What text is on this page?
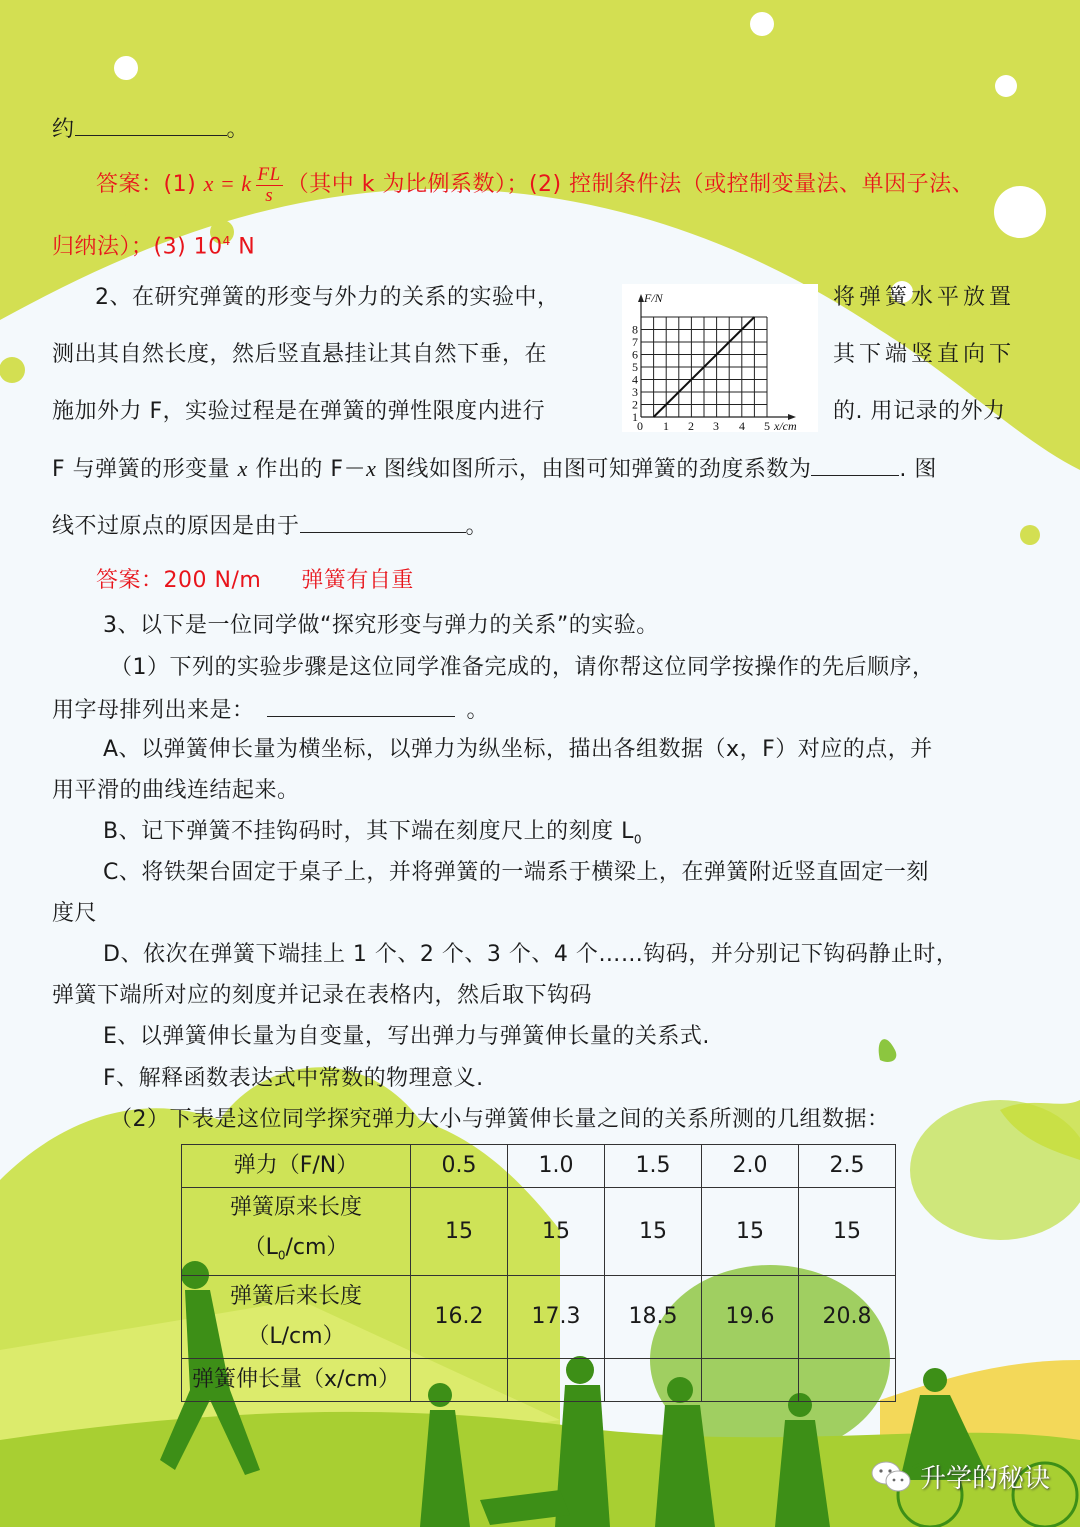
约	。
答案：(1) x = k $\frac{FL}{s}$ （其中 k 为比例系数）；(2) 控制条件法（或控制变量法、单因子法、
归纳法）；(3) $10^4$ N
2、在研究弹簧的形变与外力的关系的实验中，	将弹簧水平放置
测出其自然长度，然后竖直悬挂让其自然下垂，在	其下端竖直向下
施加外力 F，实验过程是在弹簧的弹性限度内进行	的. 用记录的外力
F/N
1
2
3
4
5
6
7
8
0 1 2 3 4 5 x/cm
F 与弹簧的形变量 x 作出的 F－x 图线如图所示，由图可知弹簧的劲度系数为	. 图
线不过原点的原因是由于	。
答案：200 N/m 弹簧有自重
3、以下是一位同学做“探究形变与弹力的关系”的实验。
（1）下列的实验步骤是这位同学准备完成的，请你帮这位同学按操作的先后顺序，
用字母排列出来是：	。
A、以弹簧伸长量为横坐标，以弹力为纵坐标，描出各组数据（x，F）对应的点，并
用平滑的曲线连结起来。
B、记下弹簧不挂钩码时，其下端在刻度尺上的刻度 $L_0$
C、将铁架台固定于桌子上，并将弹簧的一端系于横梁上，在弹簧附近竖直固定一刻
度尺
D、依次在弹簧下端挂上 1 个、2 个、3 个、4 个……钩码，并分别记下钩码静止时，
弹簧下端所对应的刻度并记录在表格内，然后取下钩码
E、以弹簧伸长量为自变量，写出弹力与弹簧伸长量的关系式.
F、解释函数表达式中常数的物理意义.
（2）下表是这位同学探究弹力大小与弹簧伸长量之间的关系所测的几组数据：
弹力（F/N）	0.5	1.0	1.5	2.0	2.5

弹簧原来长度
$(L_0/cm)$	15	15	15	15	15

弹簧后来长度
（L/cm）	16.2	17.3	18.5	19.6	20.8
弹簧伸长量（x/cm）					
升学的秘诀
